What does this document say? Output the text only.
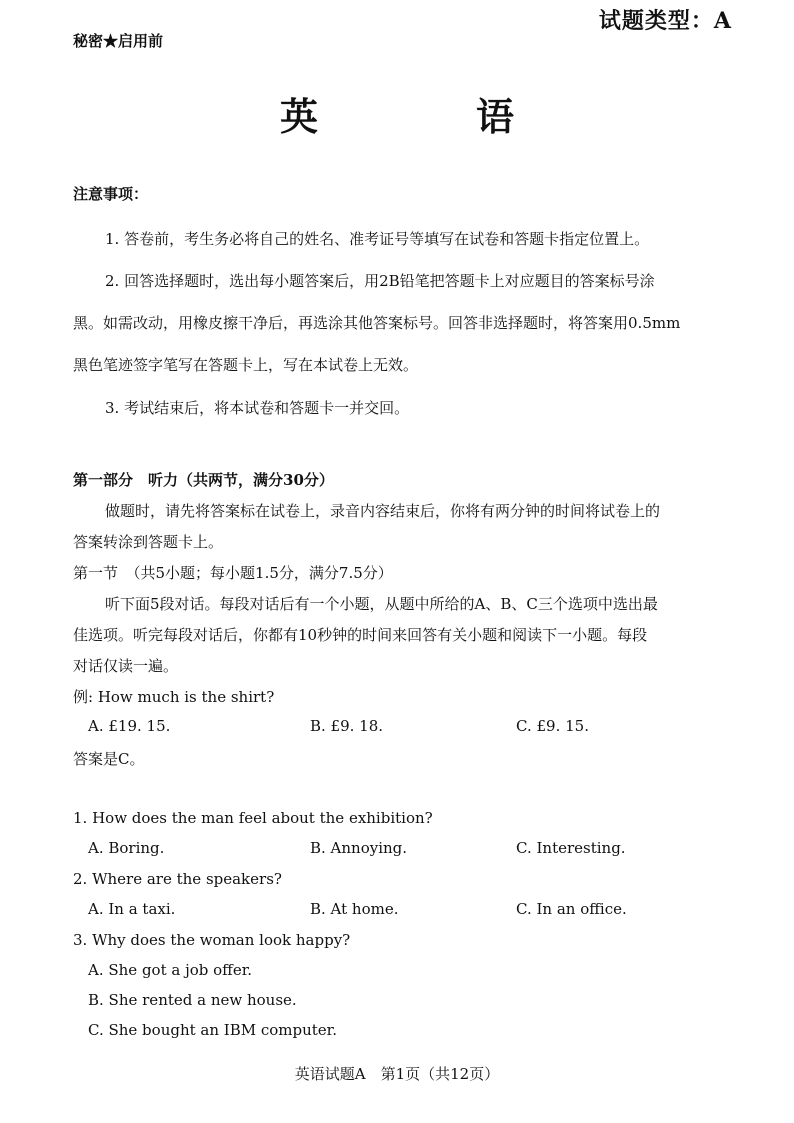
秘密★启用前
试题类型：A
英　语
注意事项：
1. 答卷前，考生务必将自己的姓名、准考证号等填写在试卷和答题卡指定位置上。
2. 回答选择题时，选出每小题答案后，用2B铅笔把答题卡上对应题目的答案标号涂
黑。如需改动，用橡皮擦干净后，再选涂其他答案标号。回答非选择题时，将答案用0.5mm
黑色笔迹签字笔写在答题卡上，写在本试卷上无效。
3. 考试结束后，将本试卷和答题卡一并交回。
第一部分　听力（共两节，满分30分）
做题时，请先将答案标在试卷上，录音内容结束后，你将有两分钟的时间将试卷上的
答案转涂到答题卡上。
第一节　（共5小题；每小题1.5分，满分7.5分）
听下面5段对话。每段对话后有一个小题，从题中所给的A、B、C三个选项中选出最
佳选项。听完每段对话后，你都有10秒钟的时间来回答有关小题和阅读下一小题。每段
对话仅读一遍。
例: How much is the shirt?
A. £19. 15.	B. £9. 18.	C. £9. 15.
答案是C。
1. How does the man feel about the exhibition?
A. Boring.	B. Annoying.	C. Interesting.
2. Where are the speakers?
A. In a taxi.	B. At home.	C. In an office.
3. Why does the woman look happy?
A. She got a job offer.
B. She rented a new house.
C. She bought an IBM computer.
英语试题A　第1页（共12页）
